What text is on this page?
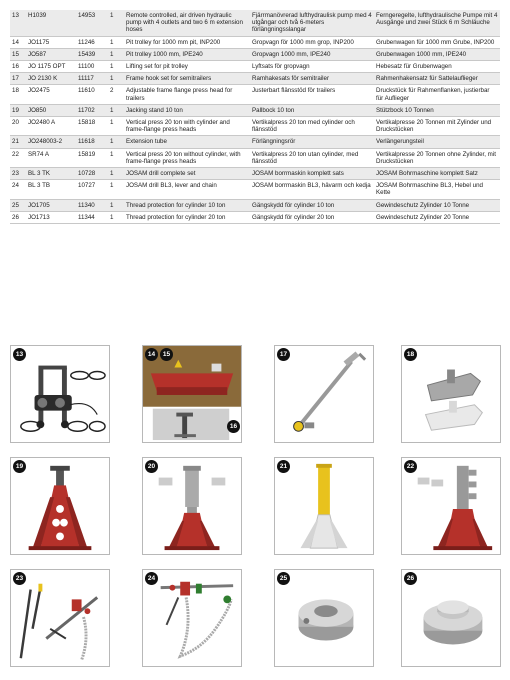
13	H1039	14953	1	Remote controlled, air driven hydraulic pump with 4 outlets and two 6 m extension hoses	Fjärrmanövrerad lufthydraulisk pump med 4 utgångar och två 6-meters förlängningsslangar	Ferngeregelte, lufthydraulische Pumpe mit 4 Ausgänge und zwei Stück 6 m Schläuche
14	JO1175	11246	1	Pit trolley for 1000 mm pit, INP200	Gropvagn för 1000 mm grop, INP200	Grubenwagen für 1000 mm Grube, INP200
15	JO587	15439	1	Pit trolley 1000 mm, IPE240	Gropvagn 1000 mm, IPE240	Grubenwagen 1000 mm, IPE240
16	JO 1175 OPT	11100	1	Lifting set for pit trolley	Lyftsats för gropvagn	Hebesatz für Grubenwagen
17	JO 2130 K	11117	1	Frame hook set for semitrailers	Ramhakesats för semitrailer	Rahmenhakensatz für Sattelauflieger
18	JO2475	11610	2	Adjustable frame flange press head for trailers	Justerbart flänsstöd för trailers	Druckstück für Rahmenflanken, justierbar für Auflieger
19	JO850	11702	1	Jacking stand 10 ton	Pallbock 10 ton	Stützbock 10 Tonnen
20	JO2480 A	15818	1	Vertical press 20 ton with cylinder and frame-flange press heads	Vertikalpress 20 ton med cylinder och flänsstöd	Vertikalpresse 20 Tonnen mit Zylinder und Druckstücken
21	JO248003-2	11618	1	Extension tube	Förlängningsrör	Verlängerungsteil
22	SR74 A	15819	1	Vertical press 20 ton without cylinder, with frame-flange press heads	Vertikalpress 20 ton utan cylinder, med flänsstöd	Vertikalpresse 20 Tonnen ohne Zylinder, mit Druckstücken
23	BL 3 TK	10728	1	JOSAM drill complete set	JOSAM borrmaskin komplett sats	JOSAM Bohrmaschine komplett Satz
24	BL 3 TB	10727	1	JOSAM drill BL3, lever and chain	JOSAM borrmaskin BL3, hävarm och kedja	JOSAM Bohrmaschine BL3, Hebel und Kette
25	JO1705	11340	1	Thread protection for cylinder 10 ton	Gängskydd för cylinder 10 ton	Gewindeschutz Zylinder 10 Tonne
26	JO1713	11344	1	Thread protection for cylinder 20 ton	Gängskydd för cylinder 20 ton	Gewindeschutz Zylinder 20 Tonne
13	14	15
16
17	18
19	20	21	22
23	24	25	26
